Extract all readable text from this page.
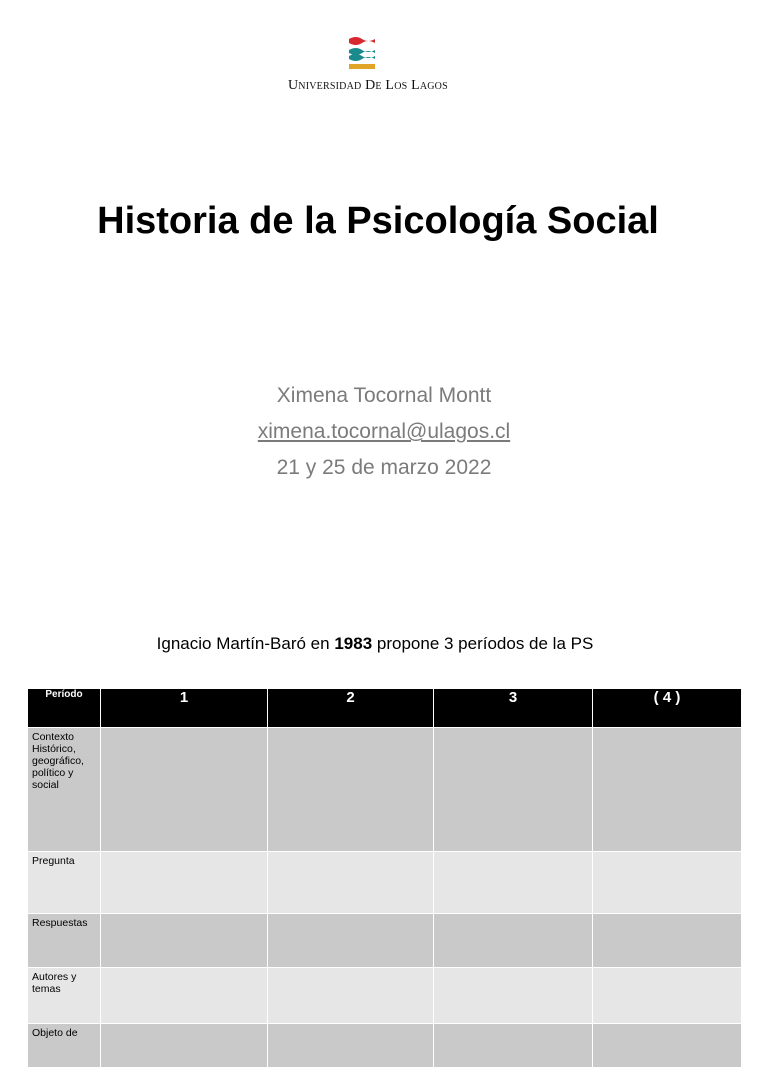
Universidad De Los Lagos
Historia de la Psicología Social
Ximena Tocornal Montt
ximena.tocornal@ulagos.cl
21 y 25 de marzo 2022
Ignacio Martín-Baró en 1983 propone 3 períodos de la PS
Período	1	2	3	( 4 )
Contexto Histórico, geográfico, político y social				
Pregunta				
Respuestas				
Autores y temas				
Objeto de				
